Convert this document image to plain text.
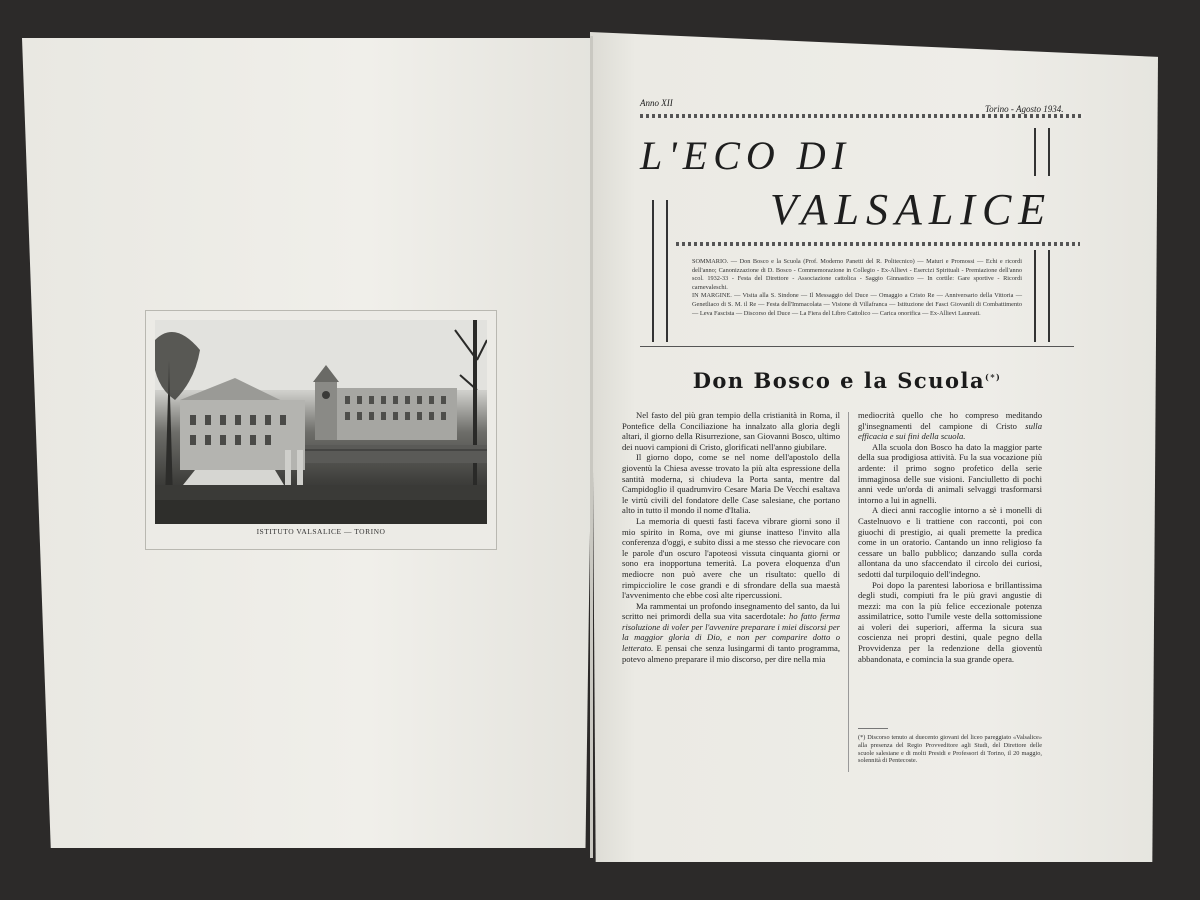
ISTITUTO VALSALICE — TORINO
Anno XII
Torino - Agosto 1934.
L'ECO DI
VALSALICE
SOMMARIO. — Don Bosco e la Scuola (Prof. Moderno Panetti del R. Politecnico) — Maturi e Promossi — Echi e ricordi dell'anno; Canonizzazione di D. Bosco - Commemorazione in Collegio - Ex-Allievi - Esercizi Spirituali - Premiazione dell'anno scol. 1932-33 - Festa del Direttore - Associazione cattolica - Saggio Ginnastico — In cortile: Gare sportive - Ricordi carnevaleschi.
IN MARGINE. — Visita alla S. Sindone — Il Messaggio del Duce — Omaggio a Cristo Re — Anniversario della Vittoria — Genetliaco di S. M. il Re — Festa dell'Immacolata — Visione di Villafranca — Istituzione dei Fasci Giovanili di Combattimento — Leva Fascista — Discorso del Duce — La Fiera del Libro Cattolico — Carica onorifica — Ex-Allievi Laureati.
Don Bosco e la Scuola(*)

Nel fasto del più gran tempio della cristianità in Roma, il Pontefice della Conciliazione ha innalzato alla gloria degli altari, il giorno della Risurrezione, san Giovanni Bosco, ultimo dei nuovi campioni di Cristo, glorificati nell'anno giubilare.

Il giorno dopo, come se nel nome dell'apostolo della gioventù la Chiesa avesse trovato la più alta espressione della santità moderna, si chiudeva la Porta santa, mentre dal Campidoglio il quadrumviro Cesare Maria De Vecchi esaltava le virtù civili del fondatore delle Case salesiane, che portano alto in tutto il mondo il nome d'Italia.

La memoria di questi fasti faceva vibrare giorni sono il mio spirito in Roma, ove mi giunse inatteso l'invito alla conferenza d'oggi, e subito dissi a me stesso che rievocare con le parole d'un oscuro l'apoteosi vissuta cinquanta giorni or sono era inopportuna temerità. La povera eloquenza d'un mediocre non può avere che un risultato: quello di rimpicciolire le cose grandi e di sfrondare della sua maestà l'avvenimento che ebbe così alte ripercussioni.

Ma rammentai un profondo insegnamento del santo, da lui scritto nei primordi della sua vita sacerdotale: ho fatto ferma risoluzione di voler per l'avvenire preparare i miei discorsi per la maggior gloria di Dio, e non per comparire dotto o letterato. E pensai che senza lusingarmi di tanto programma, potevo almeno preparare il mio discorso, per dire nella mia

mediocrità quello che ho compreso meditando gl'insegnamenti del campione di Cristo sulla efficacia e sui fini della scuola.

Alla scuola don Bosco ha dato la maggior parte della sua prodigiosa attività. Fu la sua vocazione più ardente: il primo sogno profetico della serie immaginosa delle sue visioni. Fanciulletto di pochi anni vede un'orda di animali selvaggi trasformarsi intorno a lui in agnelli.

A dieci anni raccoglie intorno a sè i monelli di Castelnuovo e li trattiene con racconti, poi con giuochi di prestigio, ai quali premette la predica come in un oratorio. Cantando un inno religioso fa cessare un ballo pubblico; danzando sulla corda allontana da uno sfaccendato il circolo dei curiosi, sedotti dal turpiloquio dell'indegno.

Poi dopo la parentesi laboriosa e brillantissima degli studi, compiuti fra le più gravi angustie di mezzi: ma con la più felice eccezionale potenza assimilatrice, sotto l'umile veste della sottomissione ai voleri dei superiori, afferma la sicura sua coscienza nei propri destini, quale pegno della Provvidenza per la redenzione della gioventù abbandonata, e comincia la sua grande opera.

(*) Discorso tenuto ai duecento giovani del liceo pareggiato «Valsalice» alla presenza del Regio Provveditore agli Studi, del Direttore delle scuole salesiane e di molti Presidi e Professori di Torino, il 20 maggio, solennità di Pentecoste.
